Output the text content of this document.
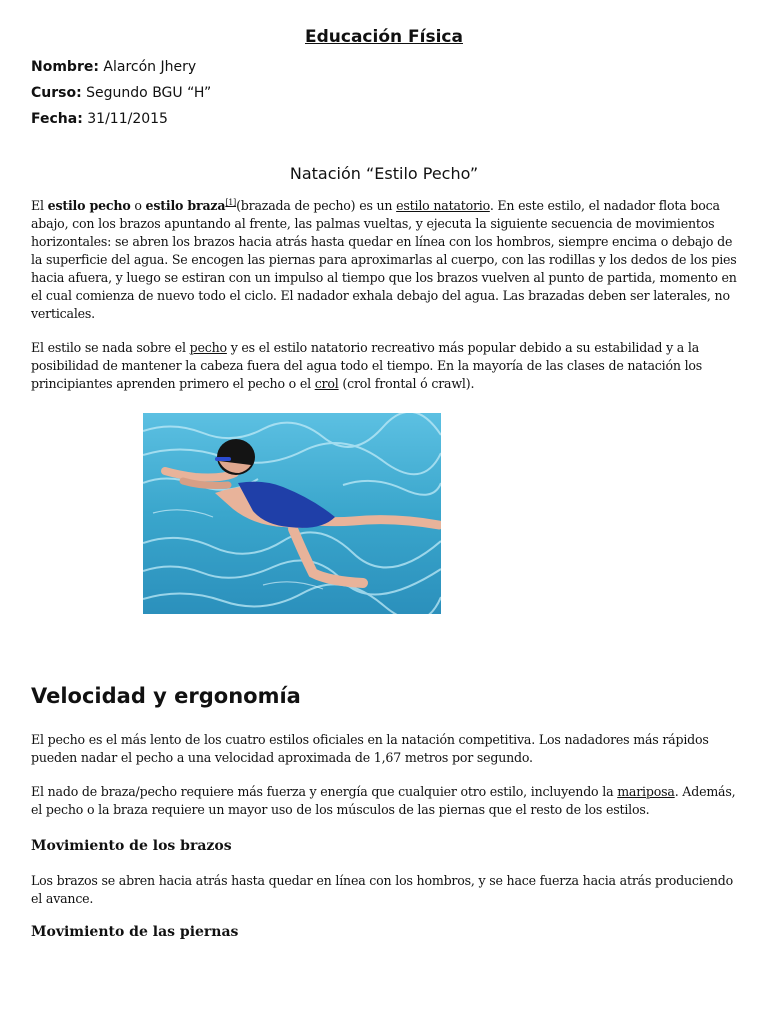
Educación Física
Nombre: Alarcón Jhery
Curso: Segundo BGU “H”
Fecha: 31/11/2015
Natación “Estilo Pecho”

El estilo pecho o estilo braza[1](brazada de pecho) es un estilo natatorio. En este estilo, el nadador flota boca abajo, con los brazos apuntando al frente, las palmas vueltas, y ejecuta la siguiente secuencia de movimientos horizontales: se abren los brazos hacia atrás hasta quedar en línea con los hombros, siempre encima o debajo de la superficie del agua. Se encogen las piernas para aproximarlas al cuerpo, con las rodillas y los dedos de los pies hacia afuera, y luego se estiran con un impulso al tiempo que los brazos vuelven al punto de partida, momento en el cual comienza de nuevo todo el ciclo. El nadador exhala debajo del agua. Las brazadas deben ser laterales, no verticales.

El estilo se nada sobre el pecho y es el estilo natatorio recreativo más popular debido a su estabilidad y a la posibilidad de mantener la cabeza fuera del agua todo el tiempo. En la mayoría de las clases de natación los principiantes aprenden primero el pecho o el crol (crol frontal ó crawl).

Velocidad y ergonomía

El pecho es el más lento de los cuatro estilos oficiales en la natación competitiva. Los nadadores más rápidos pueden nadar el pecho a una velocidad aproximada de 1,67 metros por segundo.

El nado de braza/pecho requiere más fuerza y energía que cualquier otro estilo, incluyendo la mariposa. Además, el pecho o la braza requiere un mayor uso de los músculos de las piernas que el resto de los estilos.

Movimiento de los brazos

Los brazos se abren hacia atrás hasta quedar en línea con los hombros, y se hace fuerza hacia atrás produciendo el avance.

Movimiento de las piernas
